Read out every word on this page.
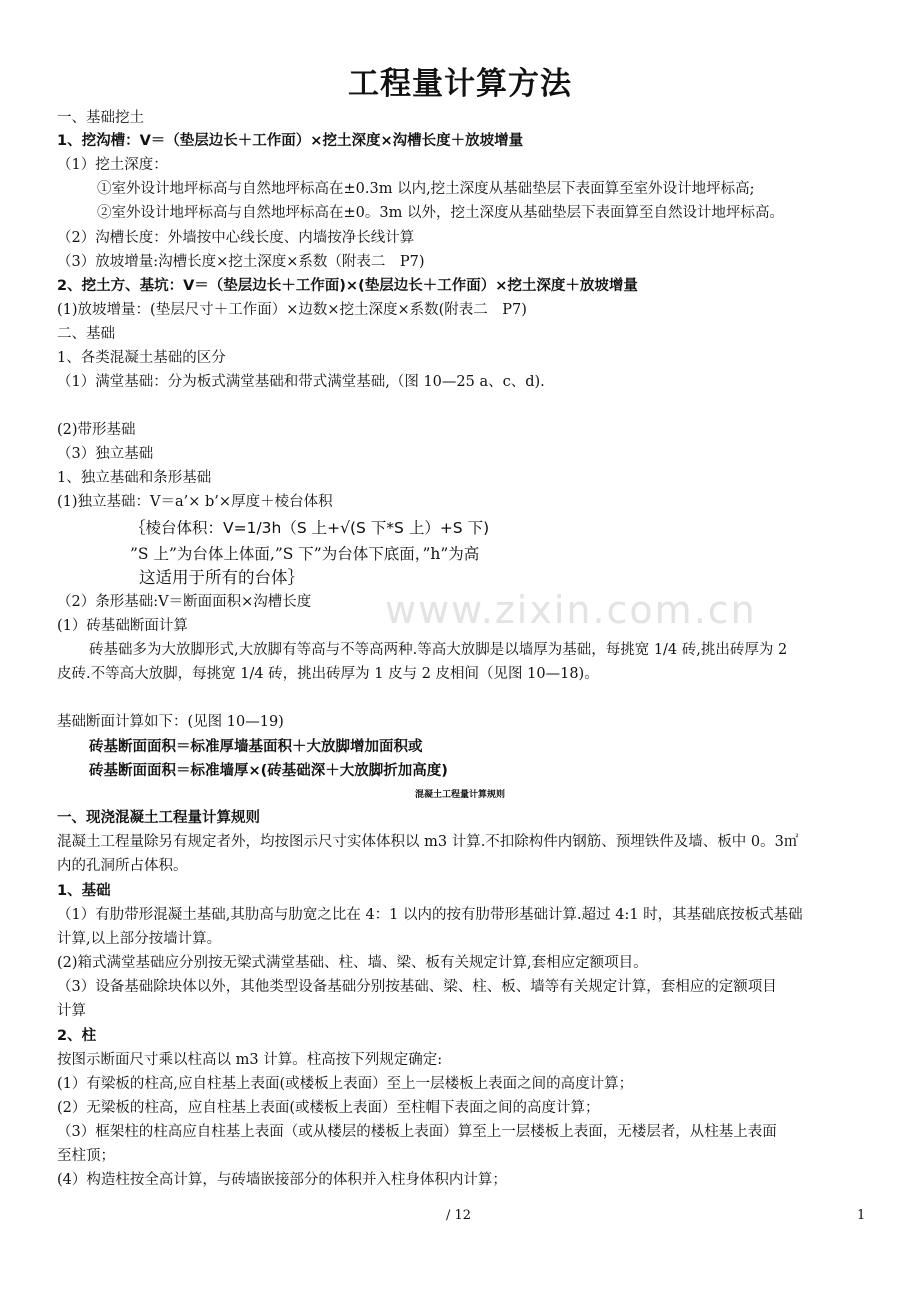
工程量计算方法
www.zixin.com.cn

一、基础挖土

1、挖沟槽：V＝（垫层边长＋工作面）×挖土深度×沟槽长度＋放坡增量

（1）挖土深度：

①室外设计地坪标高与自然地坪标高在±0.3m 以内,挖土深度从基础垫层下表面算至室外设计地坪标高;

②室外设计地坪标高与自然地坪标高在±0。3m 以外，挖土深度从基础垫层下表面算至自然设计地坪标高。

（2）沟槽长度：外墙按中心线长度、内墙按净长线计算

（3）放坡增量:沟槽长度×挖土深度×系数（附表二　P7)

2、挖土方、基坑：V＝（垫层边长＋工作面)×(垫层边长＋工作面）×挖土深度＋放坡增量

(1)放坡增量：(垫层尺寸＋工作面）×边数×挖土深度×系数(附表二　P7)

二、基础

1、各类混凝土基础的区分

（1）满堂基础：分为板式满堂基础和带式满堂基础,（图 10—25 a、c、d).

(2)带形基础

（3）独立基础

1、独立基础和条形基础

(1)独立基础：V＝a’× b’×厚度＋棱台体积

｛棱台体积：V=1/3h（S 上+√(S 下*S 上）+S 下)

”S 上”为台体上体面,”S 下”为台体下底面，”h”为高

这适用于所有的台体｝

（2）条形基础:V＝断面面积×沟槽长度

(1）砖基础断面计算

砖基础多为大放脚形式,大放脚有等高与不等高两种.等高大放脚是以墙厚为基础，每挑宽 1/4 砖,挑出砖厚为 2

皮砖.不等高大放脚，每挑宽 1/4 砖，挑出砖厚为 1 皮与 2 皮相间（见图 10—18)。

基础断面计算如下：(见图 10—19)

砖基断面面积＝标准厚墙基面积＋大放脚增加面积或

砖基断面面积＝标准墙厚×(砖基础深＋大放脚折加高度)

混凝土工程量计算规则

一、现浇混凝土工程量计算规则

混凝土工程量除另有规定者外，均按图示尺寸实体体积以 m3 计算.不扣除构件内钢筋、预埋铁件及墙、板中 0。3㎡

内的孔洞所占体积。

1、基础

（1）有肋带形混凝土基础,其肋高与肋宽之比在 4：1 以内的按有肋带形基础计算.超过 4:1 时，其基础底按板式基础

计算,以上部分按墙计算。

(2)箱式满堂基础应分别按无梁式满堂基础、柱、墙、梁、板有关规定计算,套相应定额项目。

（3）设备基础除块体以外，其他类型设备基础分别按基础、梁、柱、板、墙等有关规定计算，套相应的定额项目

计算

2、柱

按图示断面尺寸乘以柱高以 m3 计算。柱高按下列规定确定:

(1）有梁板的柱高,应自柱基上表面(或楼板上表面）至上一层楼板上表面之间的高度计算；

(2）无梁板的柱高，应自柱基上表面(或楼板上表面）至柱帽下表面之间的高度计算；

（3）框架柱的柱高应自柱基上表面（或从楼层的楼板上表面）算至上一层楼板上表面，无楼层者，从柱基上表面

至柱顶；

(4）构造柱按全高计算，与砖墙嵌接部分的体积并入柱身体积内计算；

/ 12	1
